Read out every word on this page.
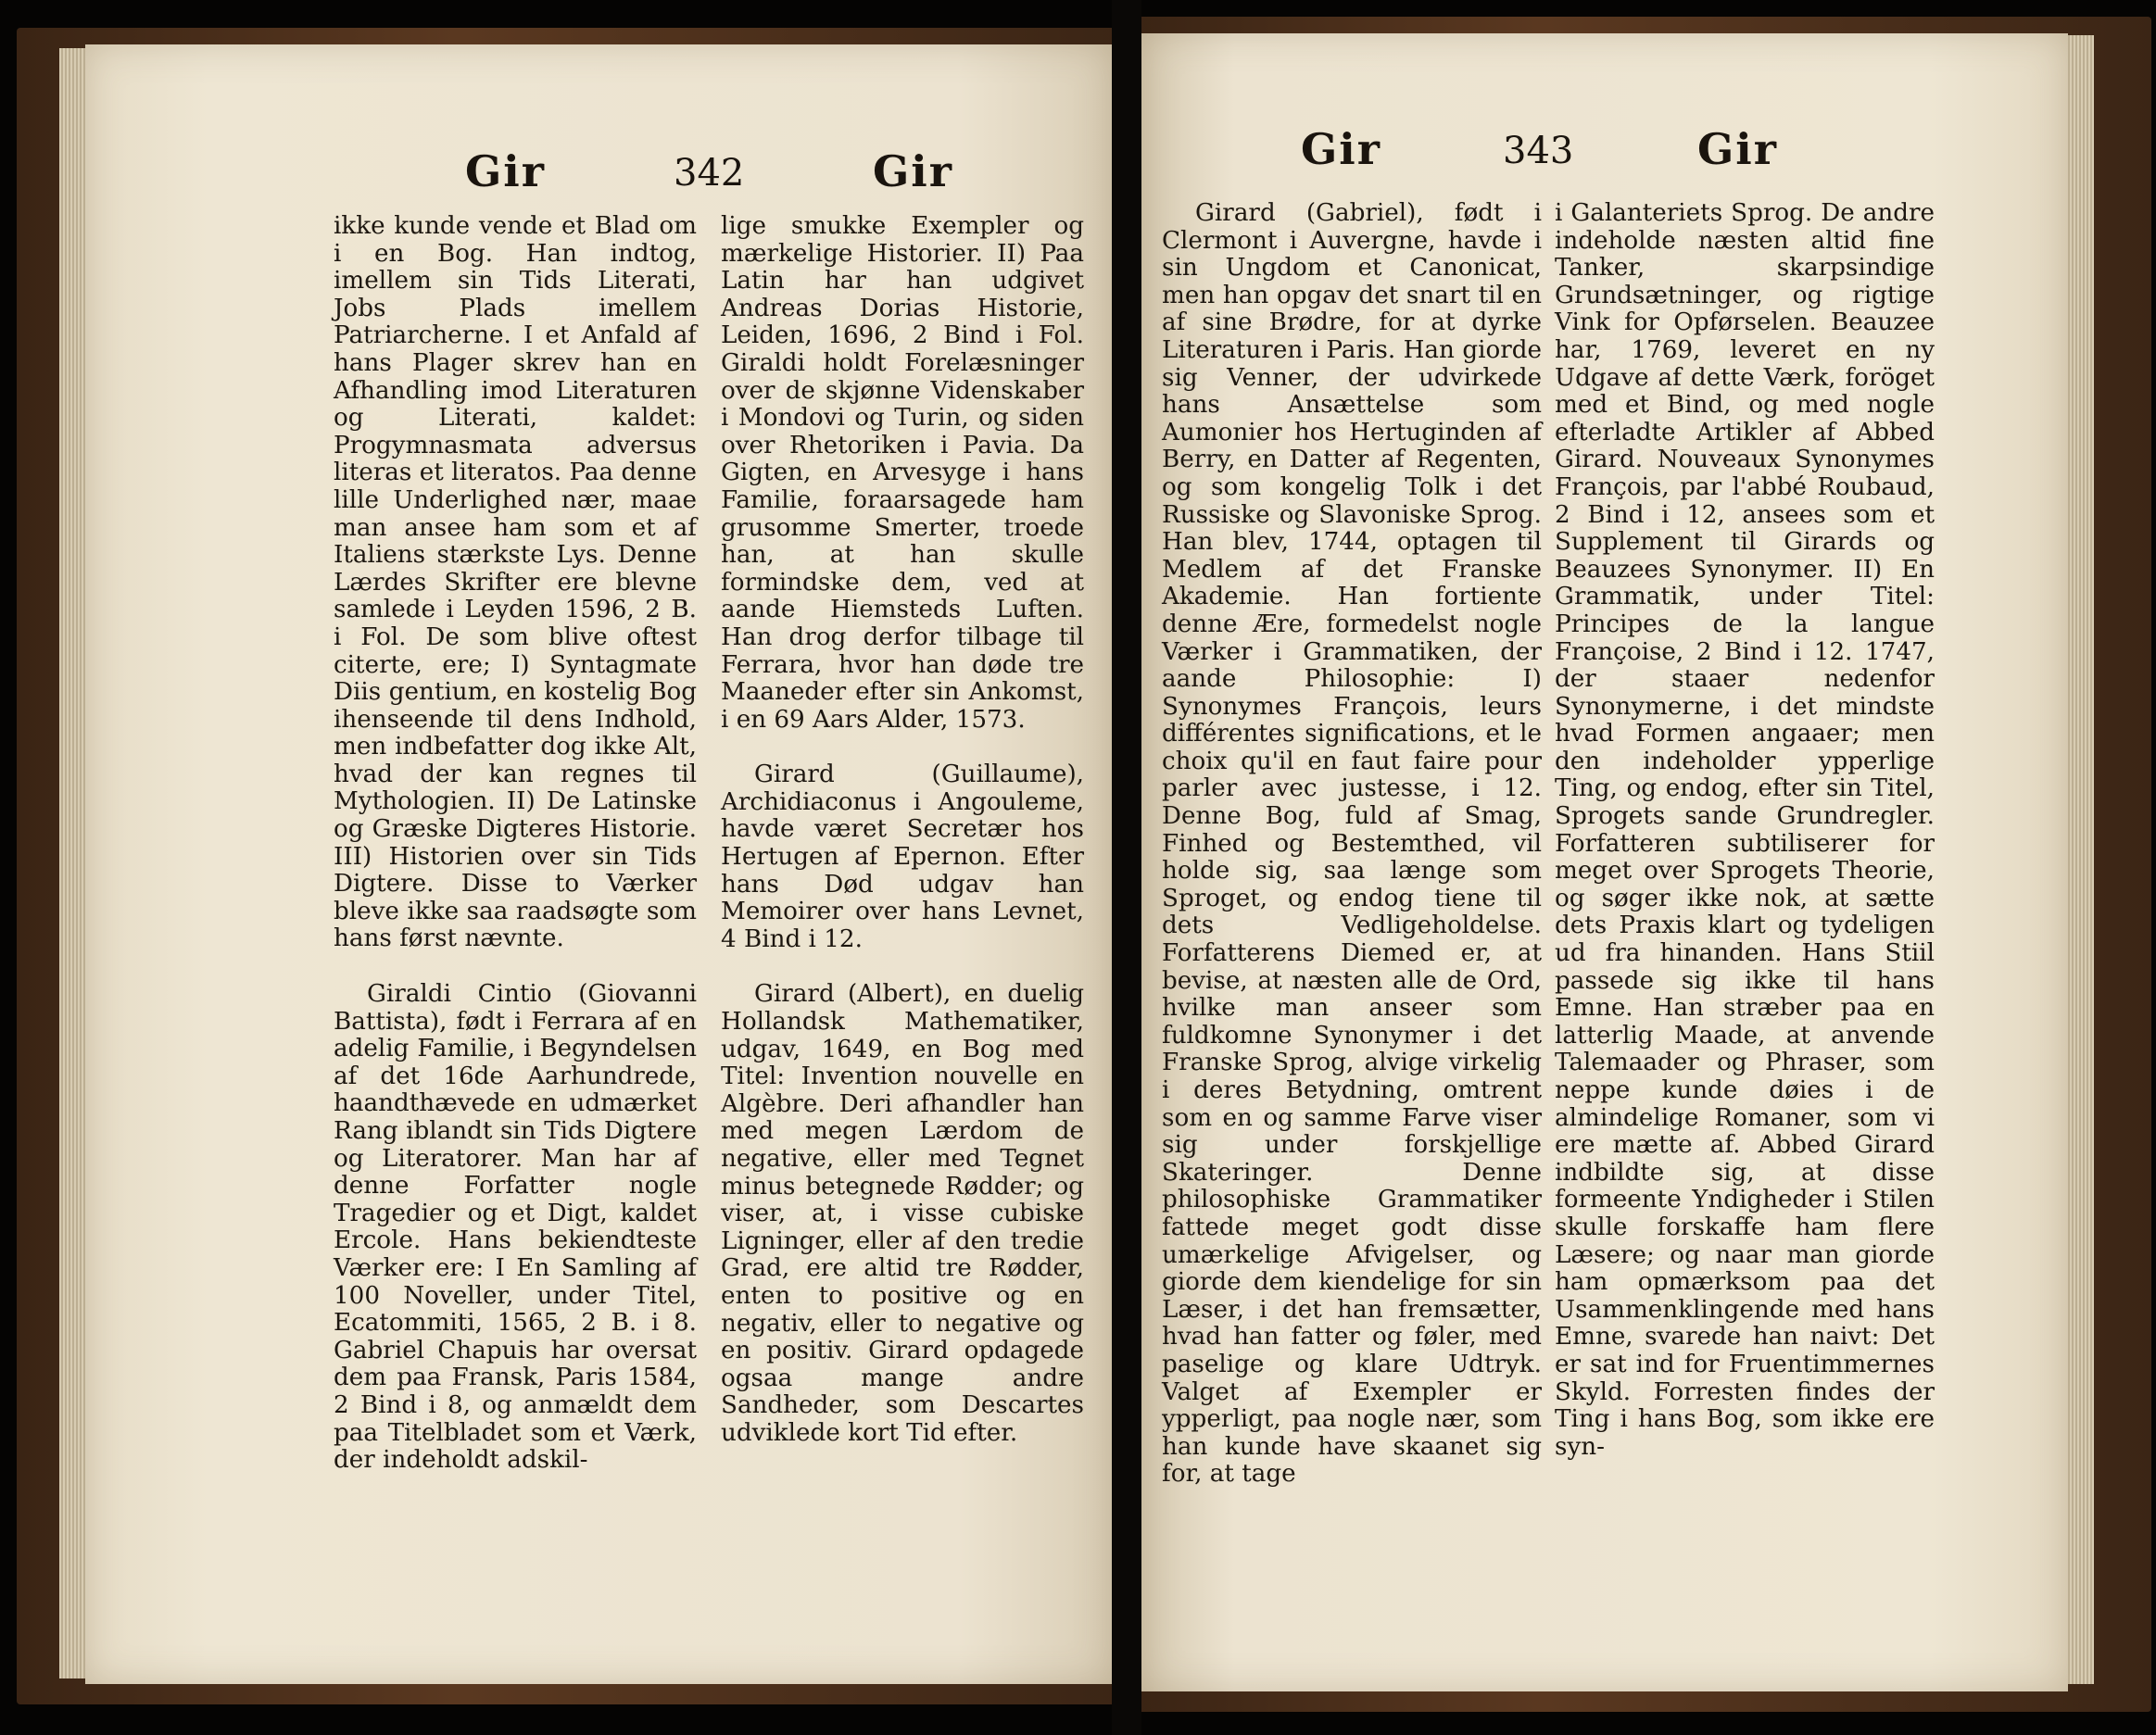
Gir	342	Gir

ikke kunde vende et Blad om i en Bog. Han indtog, imellem sin Tids Literati, Jobs Plads imellem Patriarcherne. I et Anfald af hans Plager skrev han en Afhandling imod Literaturen og Literati, kaldet: Progymnasmata adversus literas et literatos. Paa denne lille Underlighed nær, maae man ansee ham som et af Italiens stærkste Lys. Denne Lærdes Skrifter ere blevne samlede i Leyden 1596, 2 B. i Fol. De som blive oftest citerte, ere; I) Syntagmate Diis gentium, en kostelig Bog ihenseende til dens Indhold, men indbefatter dog ikke Alt, hvad der kan regnes til Mythologien. II) De Latinske og Græske Digteres Historie. III) Historien over sin Tids Digtere. Disse to Værker bleve ikke saa raadsøgte som hans først nævnte.

Giraldi Cintio (Giovanni Battista), født i Ferrara af en adelig Familie, i Begyndelsen af det 16de Aarhundrede, haandthævede en udmærket Rang iblandt sin Tids Digtere og Literatorer. Man har af denne Forfatter nogle Tragedier og et Digt, kaldet Ercole. Hans bekiendteste Værker ere: I En Samling af 100 Noveller, under Titel, Ecatommiti, 1565, 2 B. i 8. Gabriel Chapuis har oversat dem paa Fransk, Paris 1584, 2 Bind i 8, og anmældt dem paa Titelbladet som et Værk, der indeholdt adskil-

lige smukke Exempler og mærkelige Historier. II) Paa Latin har han udgivet Andreas Dorias Historie, Leiden, 1696, 2 Bind i Fol. Giraldi holdt Forelæsninger over de skjønne Videnskaber i Mondovi og Turin, og siden over Rhetoriken i Pavia. Da Gigten, en Arvesyge i hans Familie, foraarsagede ham grusomme Smerter, troede han, at han skulle formindske dem, ved at aande Hiemsteds Luften. Han drog derfor tilbage til Ferrara, hvor han døde tre Maaneder efter sin Ankomst, i en 69 Aars Alder, 1573.

Girard (Guillaume), Archidiaconus i Angouleme, havde været Secretær hos Hertugen af Epernon. Efter hans Død udgav han Memoirer over hans Levnet, 4 Bind i 12.

Girard (Albert), en duelig Hollandsk Mathematiker, udgav, 1649, en Bog med Titel: Invention nouvelle en Algèbre. Deri afhandler han med megen Lærdom de negative, eller med Tegnet minus betegnede Rødder; og viser, at, i visse cubiske Ligninger, eller af den tredie Grad, ere altid tre Rødder, enten to positive og en negativ, eller to negative og en positiv. Girard opdagede ogsaa mange andre Sandheder, som Descartes udviklede kort Tid efter.

Gir	343	Gir

Girard (Gabriel), født i Clermont i Auvergne, havde i sin Ungdom et Canonicat, men han opgav det snart til en af sine Brødre, for at dyrke Literaturen i Paris. Han giorde sig Venner, der udvirkede hans Ansættelse som Aumonier hos Hertuginden af Berry, en Datter af Regenten, og som kongelig Tolk i det Russiske og Slavoniske Sprog. Han blev, 1744, optagen til Medlem af det Franske Akademie. Han fortiente denne Ære, formedelst nogle Værker i Grammatiken, der aande Philosophie: I) Synonymes François, leurs différentes significations, et le choix qu'il en faut faire pour parler avec justesse, i 12. Denne Bog, fuld af Smag, Finhed og Bestemthed, vil holde sig, saa længe som Sproget, og endog tiene til dets Vedligeholdelse. Forfatterens Diemed er, at bevise, at næsten alle de Ord, hvilke man anseer som fuldkomne Synonymer i det Franske Sprog, alvige virkelig i deres Betydning, omtrent som en og samme Farve viser sig under forskjellige Skateringer. Denne philosophiske Grammatiker fattede meget godt disse umærkelige Afvigelser, og giorde dem kiendelige for sin Læser, i det han fremsætter, hvad han fatter og føler, med paselige og klare Udtryk. Valget af Exempler er ypperligt, paa nogle nær, som han kunde have skaanet sig for, at tage

i Galanteriets Sprog. De andre indeholde næsten altid fine Tanker, skarpsindige Grundsætninger, og rigtige Vink for Opførselen. Beauzee har, 1769, leveret en ny Udgave af dette Værk, foröget med et Bind, og med nogle efterladte Artikler af Abbed Girard. Nouveaux Synonymes François, par l'abbé Roubaud, 2 Bind i 12, ansees som et Supplement til Girards og Beauzees Synonymer. II) En Grammatik, under Titel: Principes de la langue Françoise, 2 Bind i 12. 1747, der staaer nedenfor Synonymerne, i det mindste hvad Formen angaaer; men den indeholder ypperlige Ting, og endog, efter sin Titel, Sprogets sande Grundregler. Forfatteren subtiliserer for meget over Sprogets Theorie, og søger ikke nok, at sætte dets Praxis klart og tydeligen ud fra hinanden. Hans Stiil passede sig ikke til hans Emne. Han stræber paa en latterlig Maade, at anvende Talemaader og Phraser, som neppe kunde døies i de almindelige Romaner, som vi ere mætte af. Abbed Girard indbildte sig, at disse formeente Yndigheder i Stilen skulle forskaffe ham flere Læsere; og naar man giorde ham opmærksom paa det Usammenklingende med hans Emne, svarede han naivt: Det er sat ind for Fruentimmernes Skyld. Forresten findes der Ting i hans Bog, som ikke ere syn-
